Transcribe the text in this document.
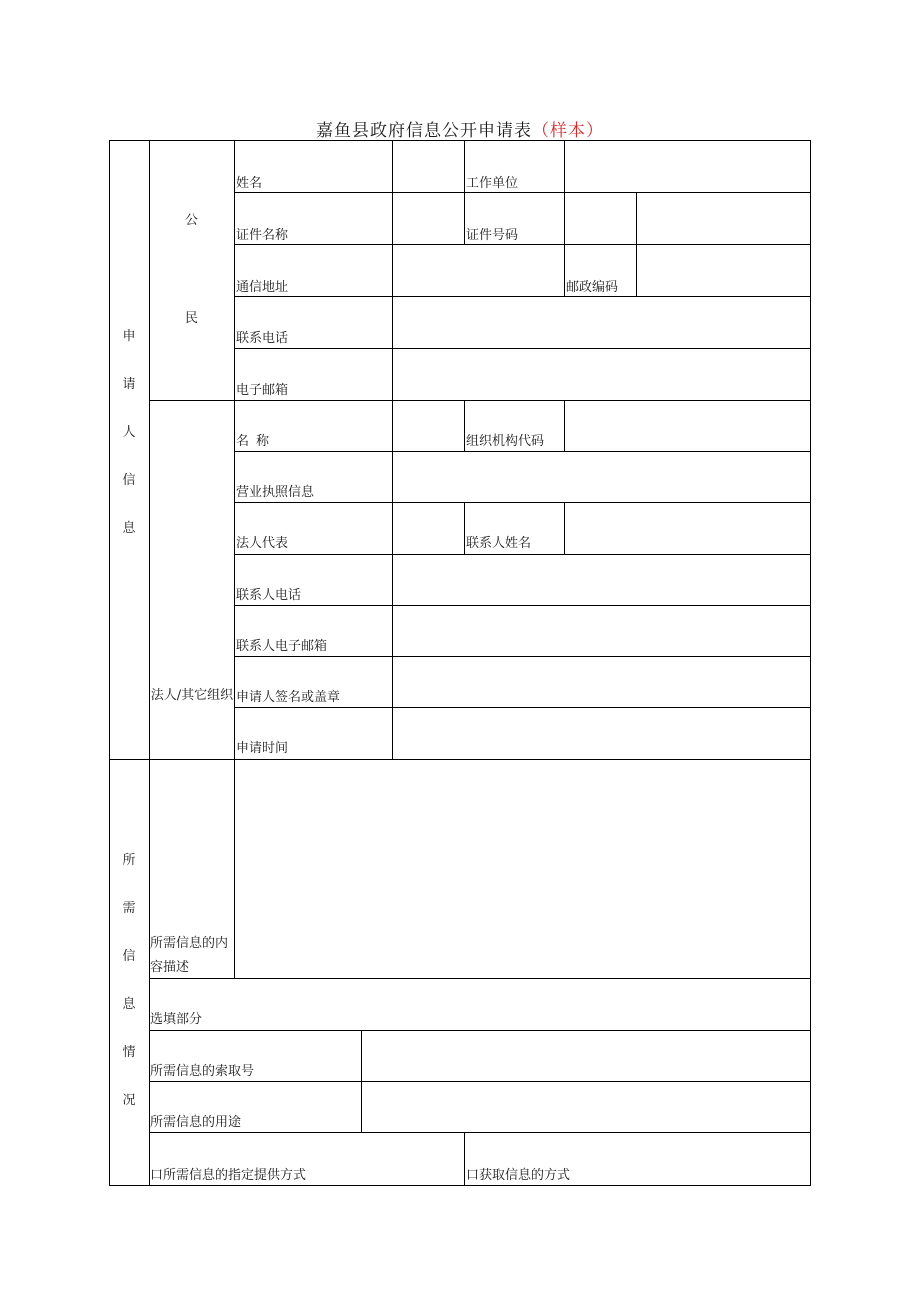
嘉鱼县政府信息公开申请表（样本）
申
请
人
信
息
所
需
信
息
情
况
公
民
法人/其它组织
姓名	工作单位
证件名称	证件号码
通信地址	邮政编码
联系电话
电子邮箱
名称	组织机构代码
营业执照信息
法人代表	联系人姓名
联系人电话
联系人电子邮箱
申请人签名或盖章
申请时间
所需信息的内容描述
选填部分
所需信息的索取号
所需信息的用途
口所需信息的指定提供方式	口获取信息的方式
